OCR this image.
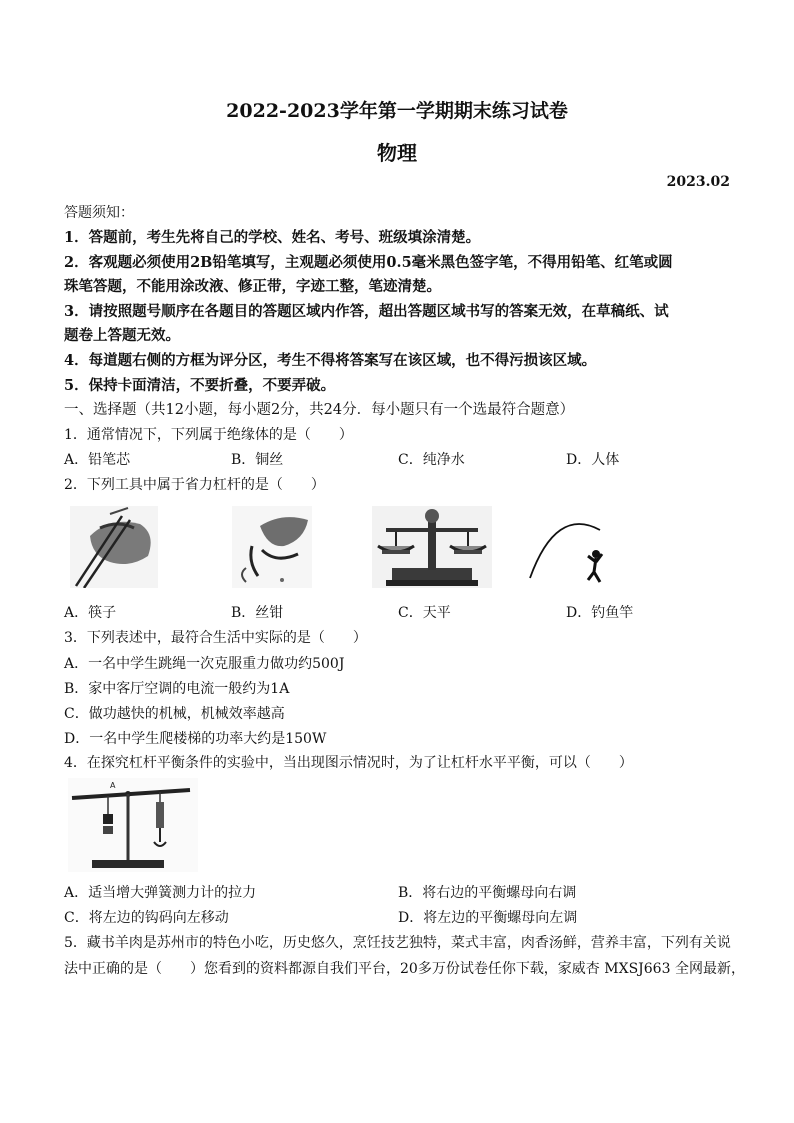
2022-2023学年第一学期期末练习试卷
物理
2023.02
答题须知：
1．答题前，考生先将自己的学校、姓名、考号、班级填涂清楚。
2．客观题必须使用2B铅笔填写，主观题必须使用0.5毫米黑色签字笔，不得用铅笔、红笔或圆
珠笔答题，不能用涂改液、修正带，字迹工整，笔迹清楚。
3．请按照题号顺序在各题目的答题区域内作答，超出答题区域书写的答案无效，在草稿纸、试
题卷上答题无效。
4．每道题右侧的方框为评分区，考生不得将答案写在该区域，也不得污损该区域。
5．保持卡面清洁，不要折叠，不要弄破。
一、选择题（共12小题，每小题2分，共24分．每小题只有一个选最符合题意）
1．通常情况下，下列属于绝缘体的是（　　）
A．铅笔芯	B．铜丝	C．纯净水	D．人体
2．下列工具中属于省力杠杆的是（　　）
A．筷子	B．丝钳	C．天平	D．钓鱼竿
3．下列表述中，最符合生活中实际的是（　　）
A．一名中学生跳绳一次克服重力做功约500J
B．家中客厅空调的电流一般约为1A
C．做功越快的机械，机械效率越高
D．一名中学生爬楼梯的功率大约是150W
4．在探究杠杆平衡条件的实验中，当出现图示情况时，为了让杠杆水平平衡，可以（　　）
A
A．适当增大弹簧测力计的拉力	B．将右边的平衡螺母向右调
C．将左边的钩码向左移动	D．将左边的平衡螺母向左调
5．藏书羊肉是苏州市的特色小吃，历史悠久，烹饪技艺独特，菜式丰富，肉香汤鲜，营养丰富，下列有关说
法中正确的是（　　）您看到的资料都源自我们平台，20多万份试卷任你下载，家威杏 MXSJ663 全网最新，
